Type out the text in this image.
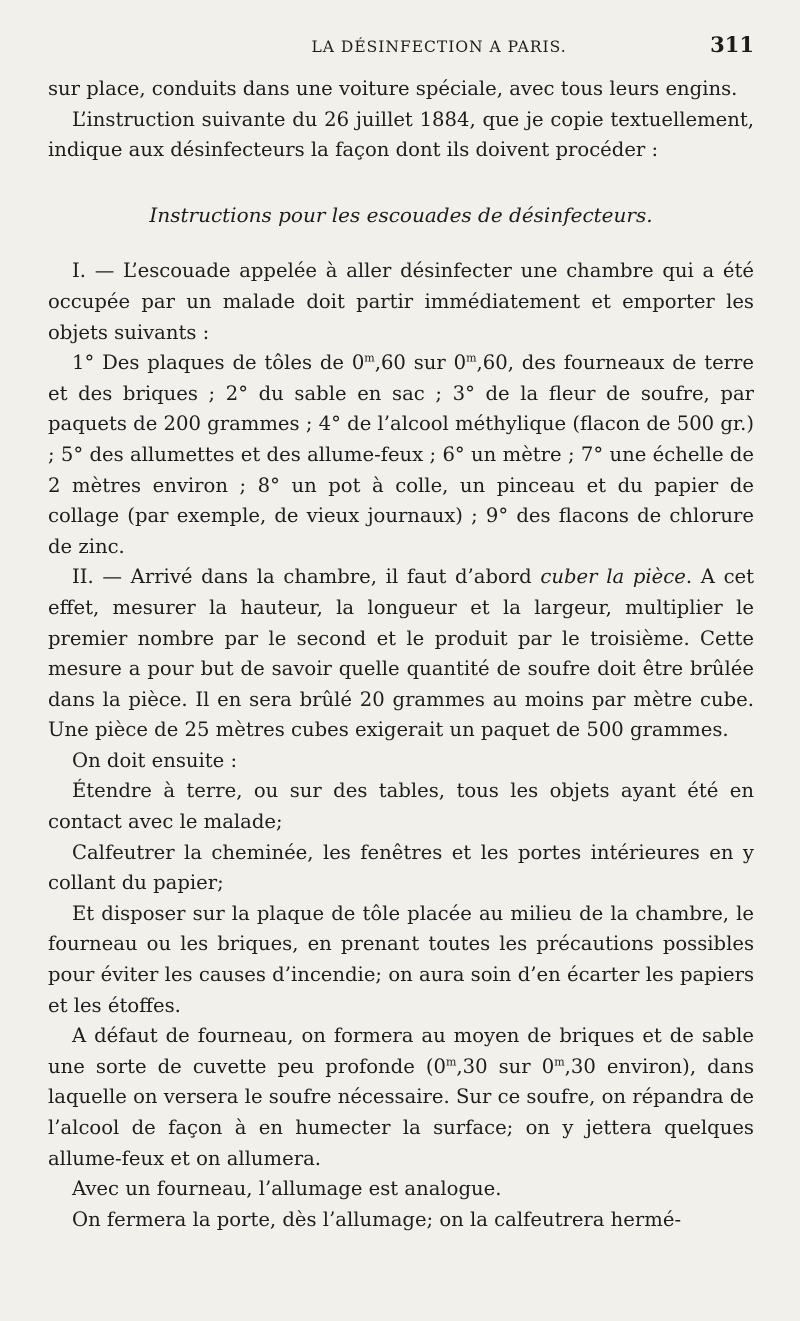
LA DÉSINFECTION A PARIS.	311

sur place, conduits dans une voiture spéciale, avec tous leurs engins.

L’instruction suivante du 26 juillet 1884, que je copie textuellement, indique aux désinfecteurs la façon dont ils doivent procéder :

Instructions pour les escouades de désinfecteurs.

I. — L’escouade appelée à aller désinfecter une chambre qui a été occupée par un malade doit partir immédiatement et emporter les objets suivants :

1° Des plaques de tôles de 0$^m$,60 sur 0$^m$,60, des fourneaux de terre et des briques ; 2° du sable en sac ; 3° de la fleur de soufre, par paquets de 200 grammes ; 4° de l’alcool méthylique (flacon de 500 gr.) ; 5° des allumettes et des allume-feux ; 6° un mètre ; 7° une échelle de 2 mètres environ ; 8° un pot à colle, un pinceau et du papier de collage (par exemple, de vieux journaux) ; 9° des flacons de chlorure de zinc.

II. — Arrivé dans la chambre, il faut d’abord cuber la pièce. A cet effet, mesurer la hauteur, la longueur et la largeur, multiplier le premier nombre par le second et le produit par le troisième. Cette mesure a pour but de savoir quelle quantité de soufre doit être brûlée dans la pièce. Il en sera brûlé 20 grammes au moins par mètre cube. Une pièce de 25 mètres cubes exigerait un paquet de 500 grammes.

On doit ensuite :

Étendre à terre, ou sur des tables, tous les objets ayant été en contact avec le malade;

Calfeutrer la cheminée, les fenêtres et les portes intérieures en y collant du papier;

Et disposer sur la plaque de tôle placée au milieu de la chambre, le fourneau ou les briques, en prenant toutes les précautions possibles pour éviter les causes d’incendie; on aura soin d’en écarter les papiers et les étoffes.

A défaut de fourneau, on formera au moyen de briques et de sable une sorte de cuvette peu profonde (0$^m$,30 sur 0$^m$,30 environ), dans laquelle on versera le soufre nécessaire. Sur ce soufre, on répandra de l’alcool de façon à en humecter la surface; on y jettera quelques allume-feux et on allumera.

Avec un fourneau, l’allumage est analogue.

On fermera la porte, dès l’allumage; on la calfeutrera hermé-
